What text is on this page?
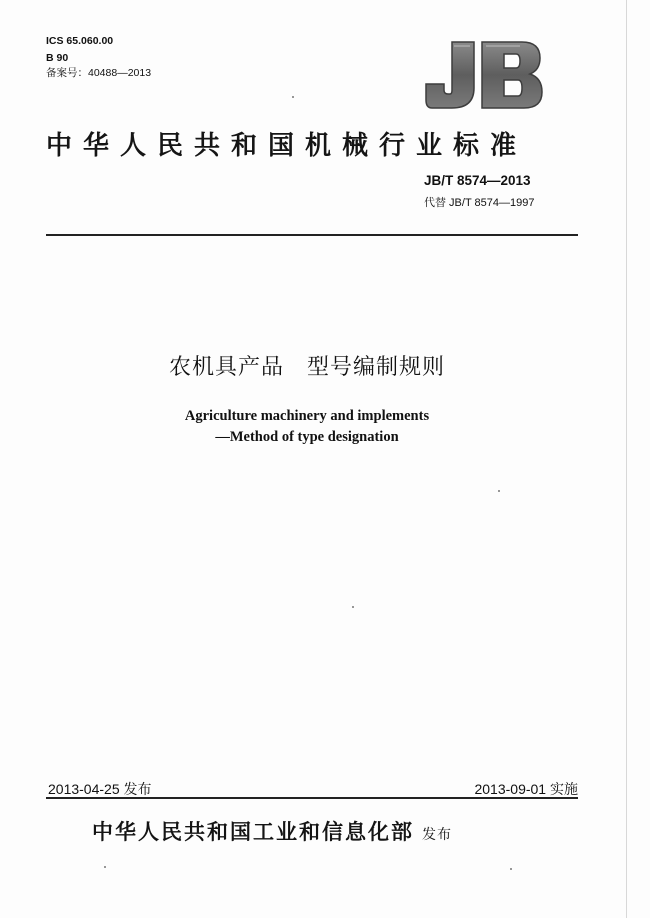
ICS 65.060.00
B 90
备案号：40488—2013
中华人民共和国机械行业标准
JB/T 8574—2013
代替 JB/T 8574—1997
农机具产品　型号编制规则
Agriculture machinery and implements
—Method of type designation
2013-04-25 发布	2013-09-01 实施
中华人民共和国工业和信息化部 发布
